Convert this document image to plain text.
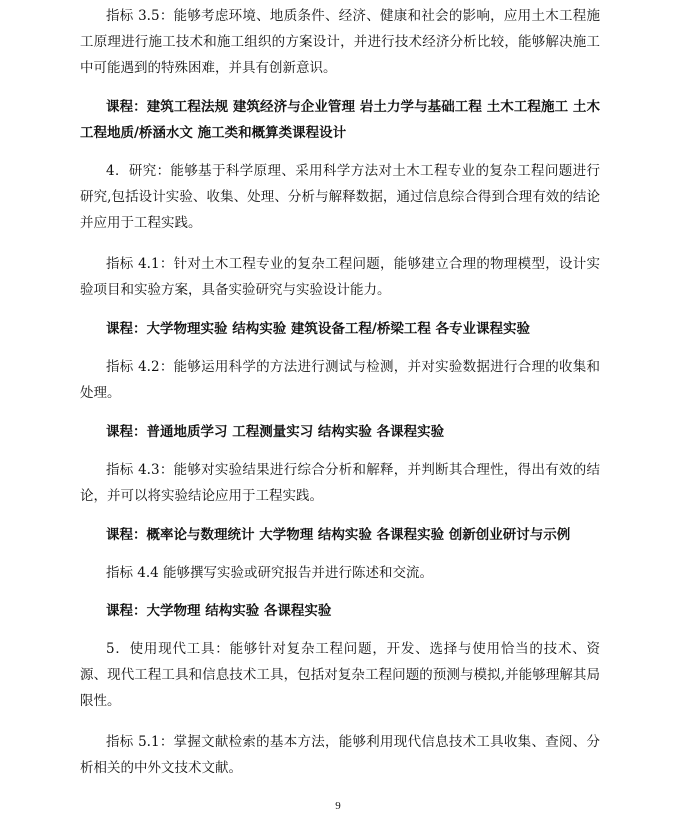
指标 3.5：能够考虑环境、地质条件、经济、健康和社会的影响，应用土木工程施工原理进行施工技术和施工组织的方案设计，并进行技术经济分析比较，能够解决施工中可能遇到的特殊困难，并具有创新意识。

课程：建筑工程法规 建筑经济与企业管理 岩土力学与基础工程 土木工程施工 土木工程地质/桥涵水文 施工类和概算类课程设计

4．研究：能够基于科学原理、采用科学方法对土木工程专业的复杂工程问题进行研究,包括设计实验、收集、处理、分析与解释数据，通过信息综合得到合理有效的结论并应用于工程实践。

指标 4.1：针对土木工程专业的复杂工程问题，能够建立合理的物理模型，设计实验项目和实验方案，具备实验研究与实验设计能力。

课程：大学物理实验 结构实验 建筑设备工程/桥梁工程 各专业课程实验

指标 4.2：能够运用科学的方法进行测试与检测，并对实验数据进行合理的收集和处理。

课程：普通地质学习 工程测量实习 结构实验 各课程实验

指标 4.3：能够对实验结果进行综合分析和解释，并判断其合理性，得出有效的结论，并可以将实验结论应用于工程实践。

课程：概率论与数理统计 大学物理 结构实验 各课程实验 创新创业研讨与示例

指标 4.4 能够撰写实验或研究报告并进行陈述和交流。

课程：大学物理 结构实验 各课程实验

5．使用现代工具：能够针对复杂工程问题，开发、选择与使用恰当的技术、资源、现代工程工具和信息技术工具，包括对复杂工程问题的预测与模拟,并能够理解其局限性。

指标 5.1：掌握文献检索的基本方法，能够利用现代信息技术工具收集、查阅、分析相关的中外文技术文献。

9
